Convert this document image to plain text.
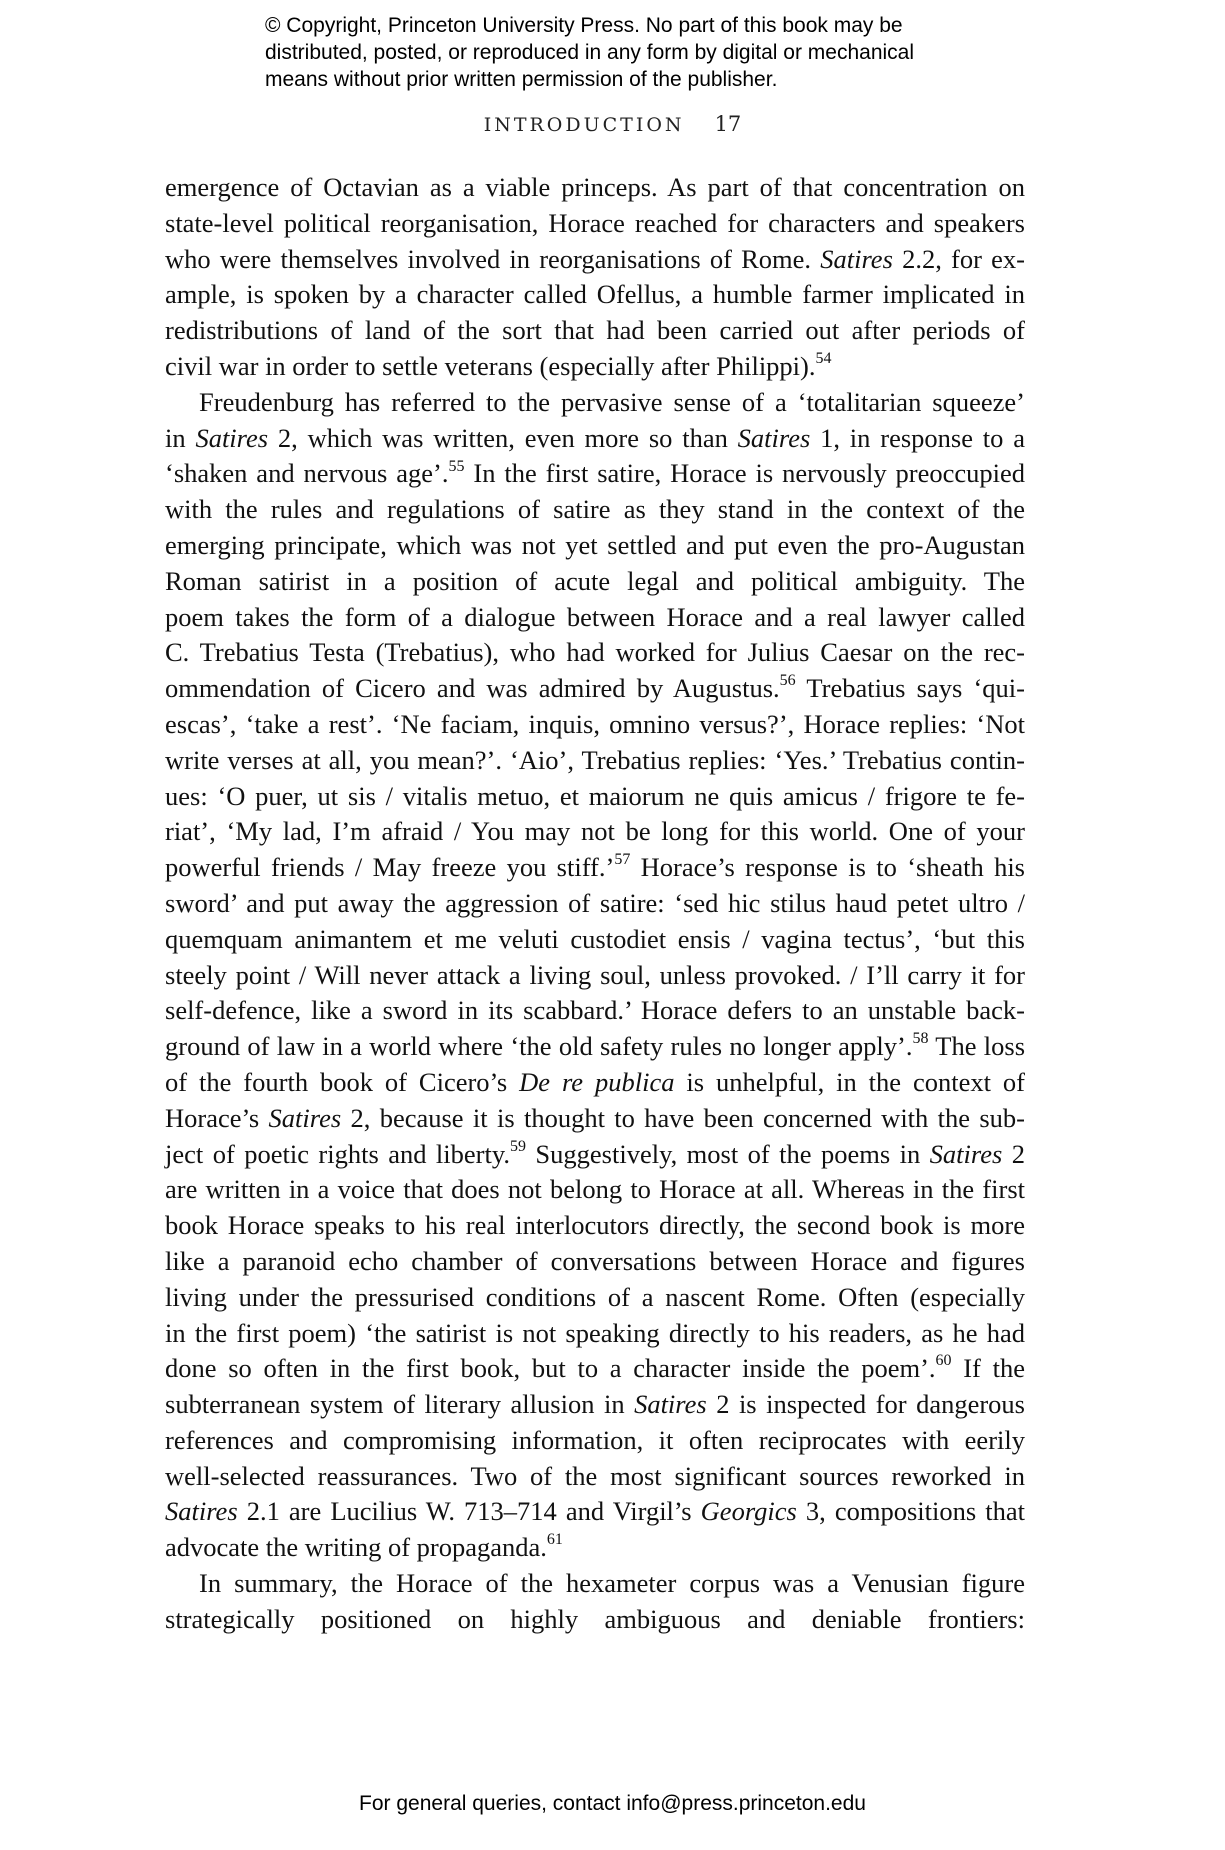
© Copyright, Princeton University Press. No part of this book may be
distributed, posted, or reproduced in any form by digital or mechanical
means without prior written permission of the publisher.
INTRODUCTION 17
emergence of Octavian as a viable princeps. As part of that concentration on
state-level political reorganisation, Horace reached for characters and speakers
who were themselves involved in reorganisations of Rome. Satires 2.2, for ex-
ample, is spoken by a character called Ofellus, a humble farmer implicated in
redistributions of land of the sort that had been carried out after periods of
civil war in order to settle veterans (especially after Philippi).$^{54}$
Freudenburg has referred to the pervasive sense of a ‘totalitarian squeeze’
in Satires 2, which was written, even more so than Satires 1, in response to a
‘shaken and nervous age’.$^{55}$ In the first satire, Horace is nervously preoccupied
with the rules and regulations of satire as they stand in the context of the
emerging principate, which was not yet settled and put even the pro-Augustan
Roman satirist in a position of acute legal and political ambiguity. The
poem takes the form of a dialogue between Horace and a real lawyer called
C. Trebatius Testa (Trebatius), who had worked for Julius Caesar on the rec-
ommendation of Cicero and was admired by Augustus.$^{56}$ Trebatius says ‘qui-
escas’, ‘take a rest’. ‘Ne faciam, inquis, omnino versus?’, Horace replies: ‘Not
write verses at all, you mean?’. ‘Aio’, Trebatius replies: ‘Yes.’ Trebatius contin-
ues: ‘O puer, ut sis / vitalis metuo, et maiorum ne quis amicus / frigore te fe-
riat’, ‘My lad, I’m afraid / You may not be long for this world. One of your
powerful friends / May freeze you stiff.’$^{57}$ Horace’s response is to ‘sheath his
sword’ and put away the aggression of satire: ‘sed hic stilus haud petet ultro /
quemquam animantem et me veluti custodiet ensis / vagina tectus’, ‘but this
steely point / Will never attack a living soul, unless provoked. / I’ll carry it for
self-defence, like a sword in its scabbard.’ Horace defers to an unstable back-
ground of law in a world where ‘the old safety rules no longer apply’.$^{58}$ The loss
of the fourth book of Cicero’s De re publica is unhelpful, in the context of
Horace’s Satires 2, because it is thought to have been concerned with the sub-
ject of poetic rights and liberty.$^{59}$ Suggestively, most of the poems in Satires 2
are written in a voice that does not belong to Horace at all. Whereas in the first
book Horace speaks to his real interlocutors directly, the second book is more
like a paranoid echo chamber of conversations between Horace and figures
living under the pressurised conditions of a nascent Rome. Often (especially
in the first poem) ‘the satirist is not speaking directly to his readers, as he had
done so often in the first book, but to a character inside the poem’.$^{60}$ If the
subterranean system of literary allusion in Satires 2 is inspected for dangerous
references and compromising information, it often reciprocates with eerily
well-selected reassurances. Two of the most significant sources reworked in
Satires 2.1 are Lucilius W. 713–714 and Virgil’s Georgics 3, compositions that
advocate the writing of propaganda.$^{61}$
In summary, the Horace of the hexameter corpus was a Venusian figure
strategically positioned on highly ambiguous and deniable frontiers:
For general queries, contact info@press.princeton.edu
